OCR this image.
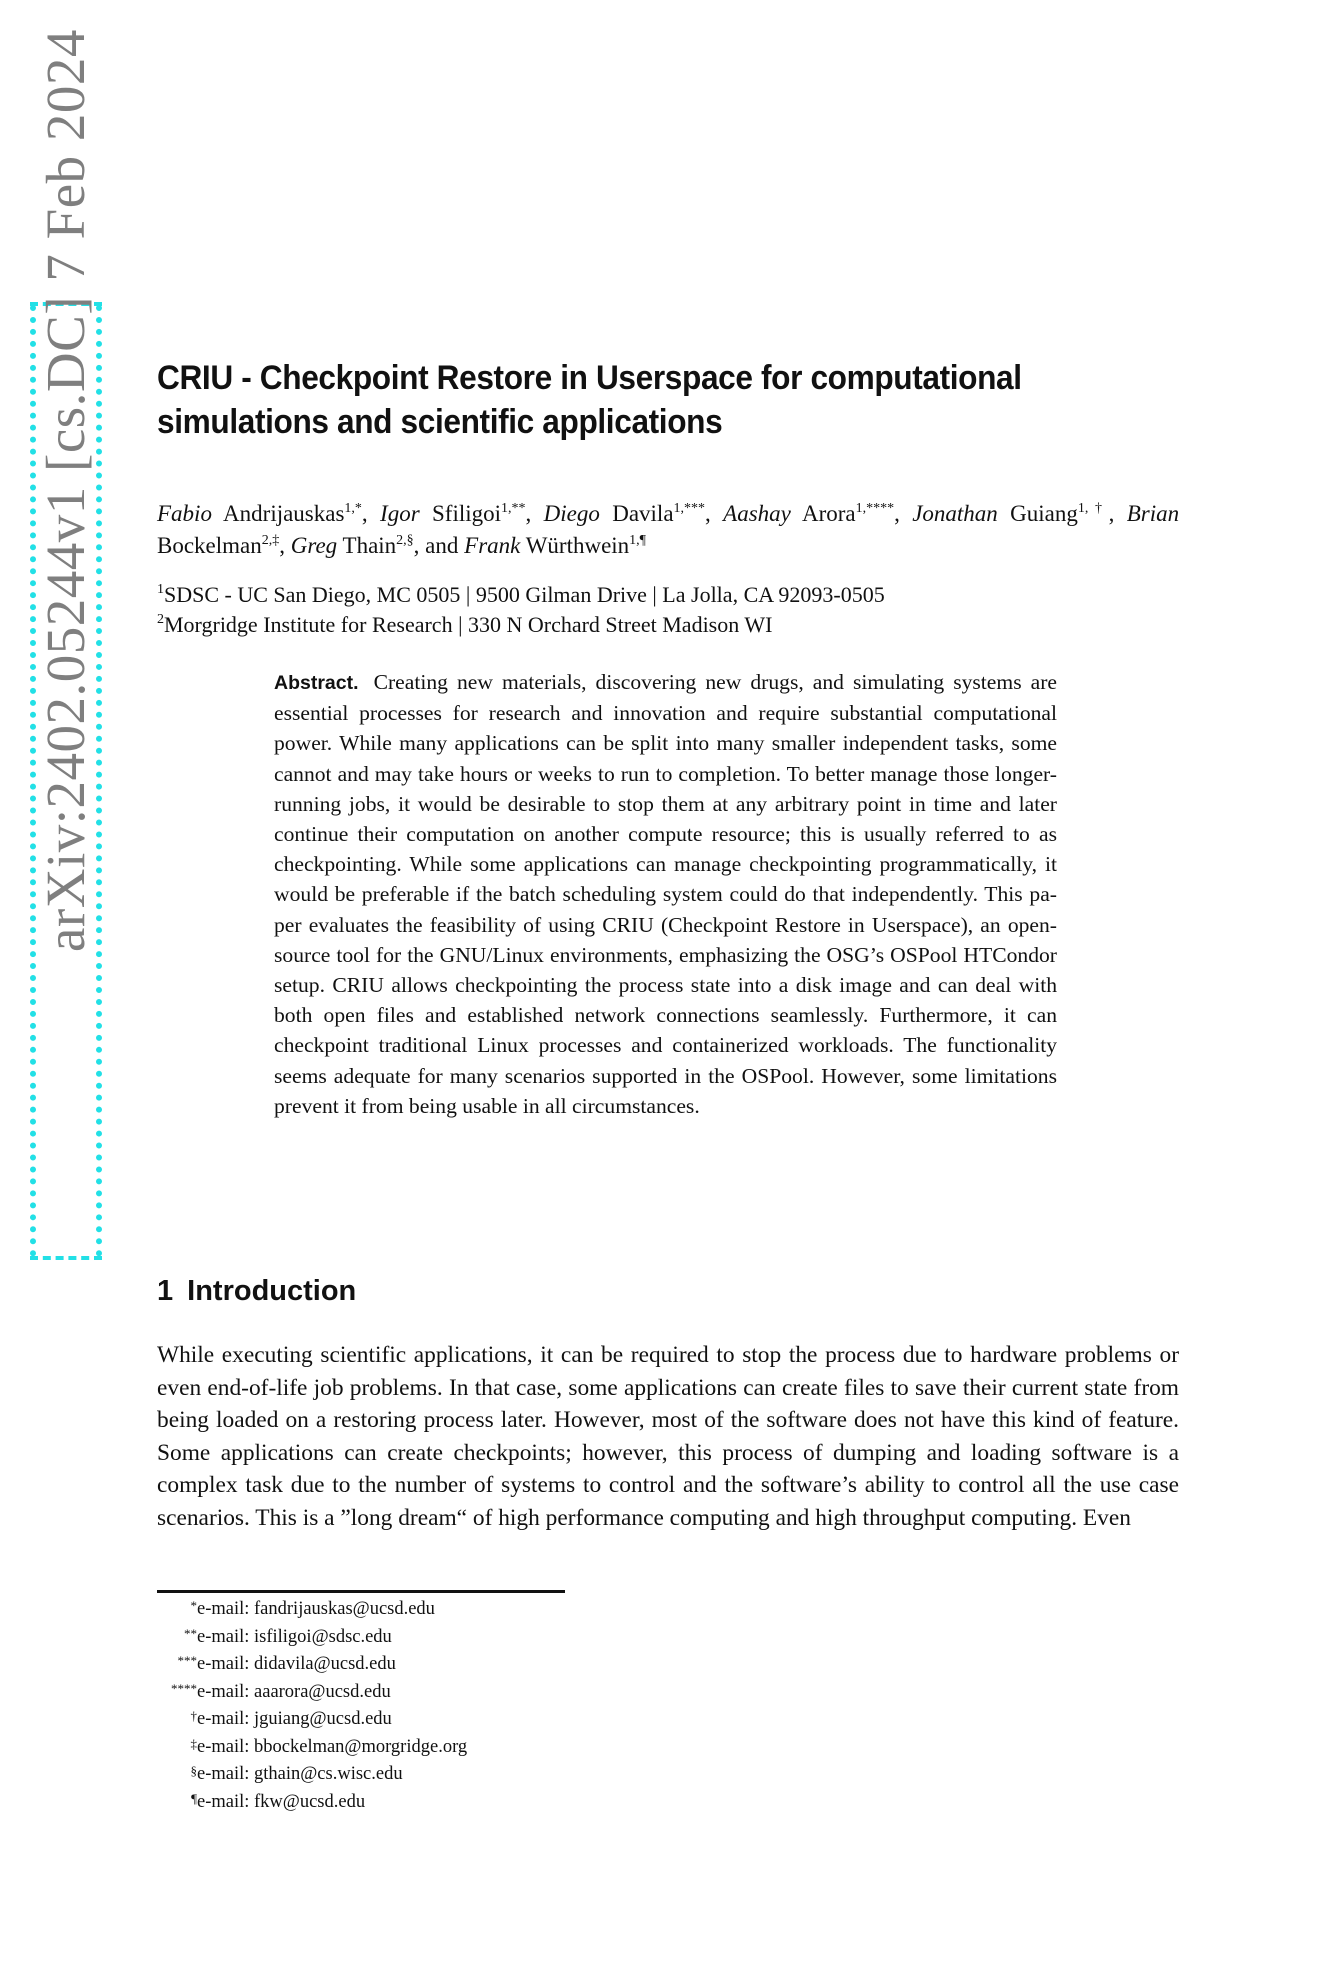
arXiv:2402.05244v1 [cs.DC] 7 Feb 2024 CRIU - Checkpoint Restore in Userspace for computational simulations and scientific applications
Fabio Andrijauskas$^{1,*}$, Igor Sfiligoi$^{1,**}$, Diego Davila$^{1,***}$, Aashay Arora$^{1,****}$, Jonathan Guiang$^{1,\dagger}$, Brian Bockelman$^{2,\ddagger}$, Greg Thain$^{2,\S}$, and Frank Würthwein$^{1,\P}$
$^1$SDSC - UC San Diego, MC 0505 | 9500 Gilman Drive | La Jolla, CA 92093-0505
$^2$Morgridge Institute for Research | 330 N Orchard Street Madison WI
Abstract. Creating new materials, discovering new drugs, and simulating systems are essential processes for research and innovation and require substantial computational power. While many applications can be split into many smaller independent tasks, some cannot and may take hours or weeks to run to completion. To better manage those longer-running jobs, it would be desirable to stop them at any arbitrary point in time and later continue their computation on another compute resource; this is usually referred to as checkpointing. While some applications can manage checkpointing programmatically, it would be preferable if the batch scheduling system could do that independently. This paper evaluates the feasibility of using CRIU (Checkpoint Restore in Userspace), an open-source tool for the GNU/Linux environments, emphasizing the OSG’s OSPool HTCondor setup. CRIU allows checkpointing the process state into a disk image and can deal with both open files and established network connections seamlessly. Furthermore, it can checkpoint traditional Linux processes and containerized workloads. The functionality seems adequate for many scenarios supported in the OSPool. However, some limitations prevent it from being usable in all circumstances.
1 Introduction

While executing scientific applications, it can be required to stop the process due to hardware problems or even end-of-life job problems. In that case, some applications can create files to save their current state from being loaded on a restoring process later. However, most of the software does not have this kind of feature. Some applications can create checkpoints; however, this process of dumping and loading software is a complex task due to the number of systems to control and the software’s ability to control all the use case scenarios. This is a ”long dream“ of high performance computing and high throughput computing. Even

* e-mail: fandrijauskas@ucsd.edu
** e-mail: isfiligoi@sdsc.edu
*** e-mail: didavila@ucsd.edu
**** e-mail: aaarora@ucsd.edu
† e-mail: jguiang@ucsd.edu
‡ e-mail: bbockelman@morgridge.org
§ e-mail: gthain@cs.wisc.edu
¶ e-mail: fkw@ucsd.edu
